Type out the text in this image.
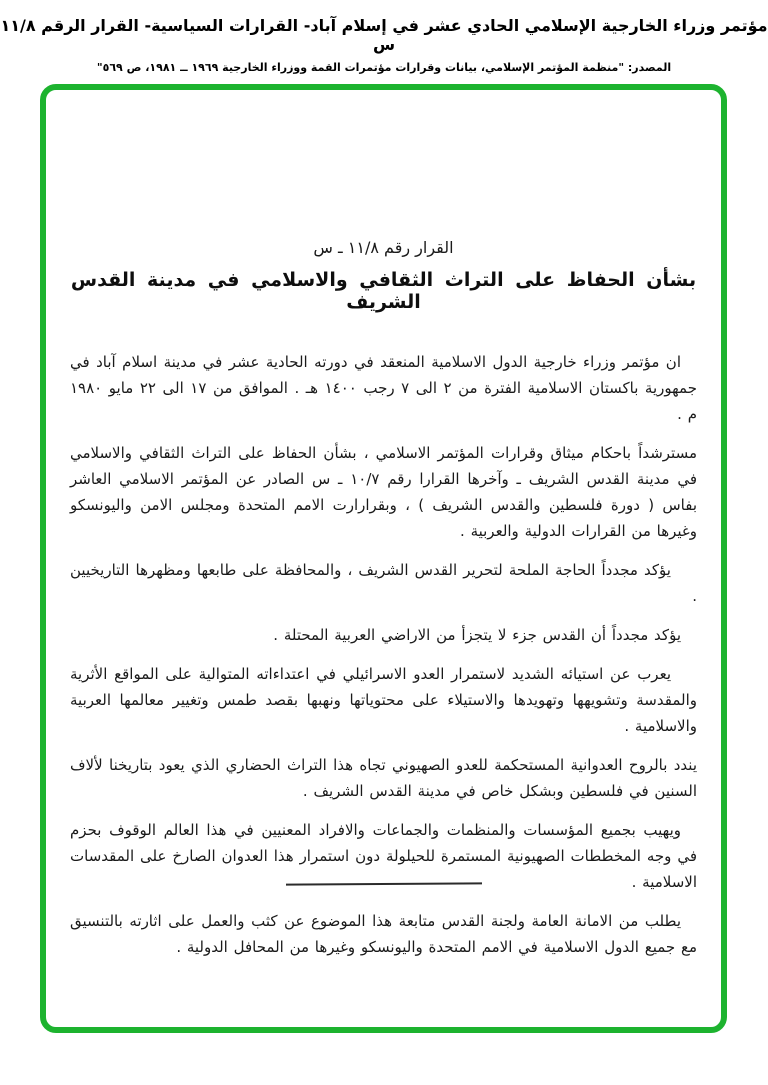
مؤتمر وزراء الخارجية الإسلامي الحادي عشر في إسلام آباد- القرارات السياسية- القرار الرقم ١١/٨ س
المصدر: "منظمة المؤتمر الإسلامي، بيانات وقرارات مؤتمرات القمة ووزراء الخارجية ١٩٦٩ ــ ١٩٨١، ص ٥٦٩"
القرار رقم ١١/٨ ـ س
بشأن الحفاظ على التراث الثقافي والاسلامي في مدينة القدس الشريف

ان مؤتمر وزراء خارجية الدول الاسلامية المنعقد في دورته الحادية عشر في مدينة اسلام آباد في جمهورية باكستان الاسلامية الفترة من ٢ الى ٧ رجب ١٤٠٠ هـ . الموافق من ١٧ الى ٢٢ مايو ١٩٨٠ م .

مسترشداً باحكام ميثاق وقرارات المؤتمر الاسلامي ، بشأن الحفاظ على التراث الثقافي والاسلامي في مدينة القدس الشريف ـ وآخرها القرارا رقم ١٠/٧ ـ س الصادر عن المؤتمر الاسلامي العاشر بفاس ( دورة فلسطين والقدس الشريف ) ، وبقرارارت الامم المتحدة ومجلس الامن واليونسكو وغيرها من القرارات الدولية والعربية .

يؤكد مجدداً الحاجة الملحة لتحرير القدس الشريف ، والمحافظة على طابعها ومظهرها التاريخيين .

يؤكد مجدداً أن القدس جزء لا يتجزأ من الاراضي العربية المحتلة .

يعرب عن استيائه الشديد لاستمرار العدو الاسرائيلي في اعتداءاته المتوالية على المواقع الأثرية والمقدسة وتشويهها وتهويدها والاستيلاء على محتوياتها ونهبها بقصد طمس وتغيير معالمها العربية والاسلامية .

يندد بالروح العدوانية المستحكمة للعدو الصهيوني تجاه هذا التراث الحضاري الذي يعود بتاريخنا لألاف السنين في فلسطين وبشكل خاص في مدينة القدس الشريف .

ويهيب بجميع المؤسسات والمنظمات والجماعات والافراد المعنيين في هذا العالم الوقوف بحزم في وجه المخططات الصهيونية المستمرة للحيلولة دون استمرار هذا العدوان الصارخ على المقدسات الاسلامية .

يطلب من الامانة العامة ولجنة القدس متابعة هذا الموضوع عن كثب والعمل على اثارته بالتنسيق مع جميع الدول الاسلامية في الامم المتحدة واليونسكو وغيرها من المحافل الدولية .
